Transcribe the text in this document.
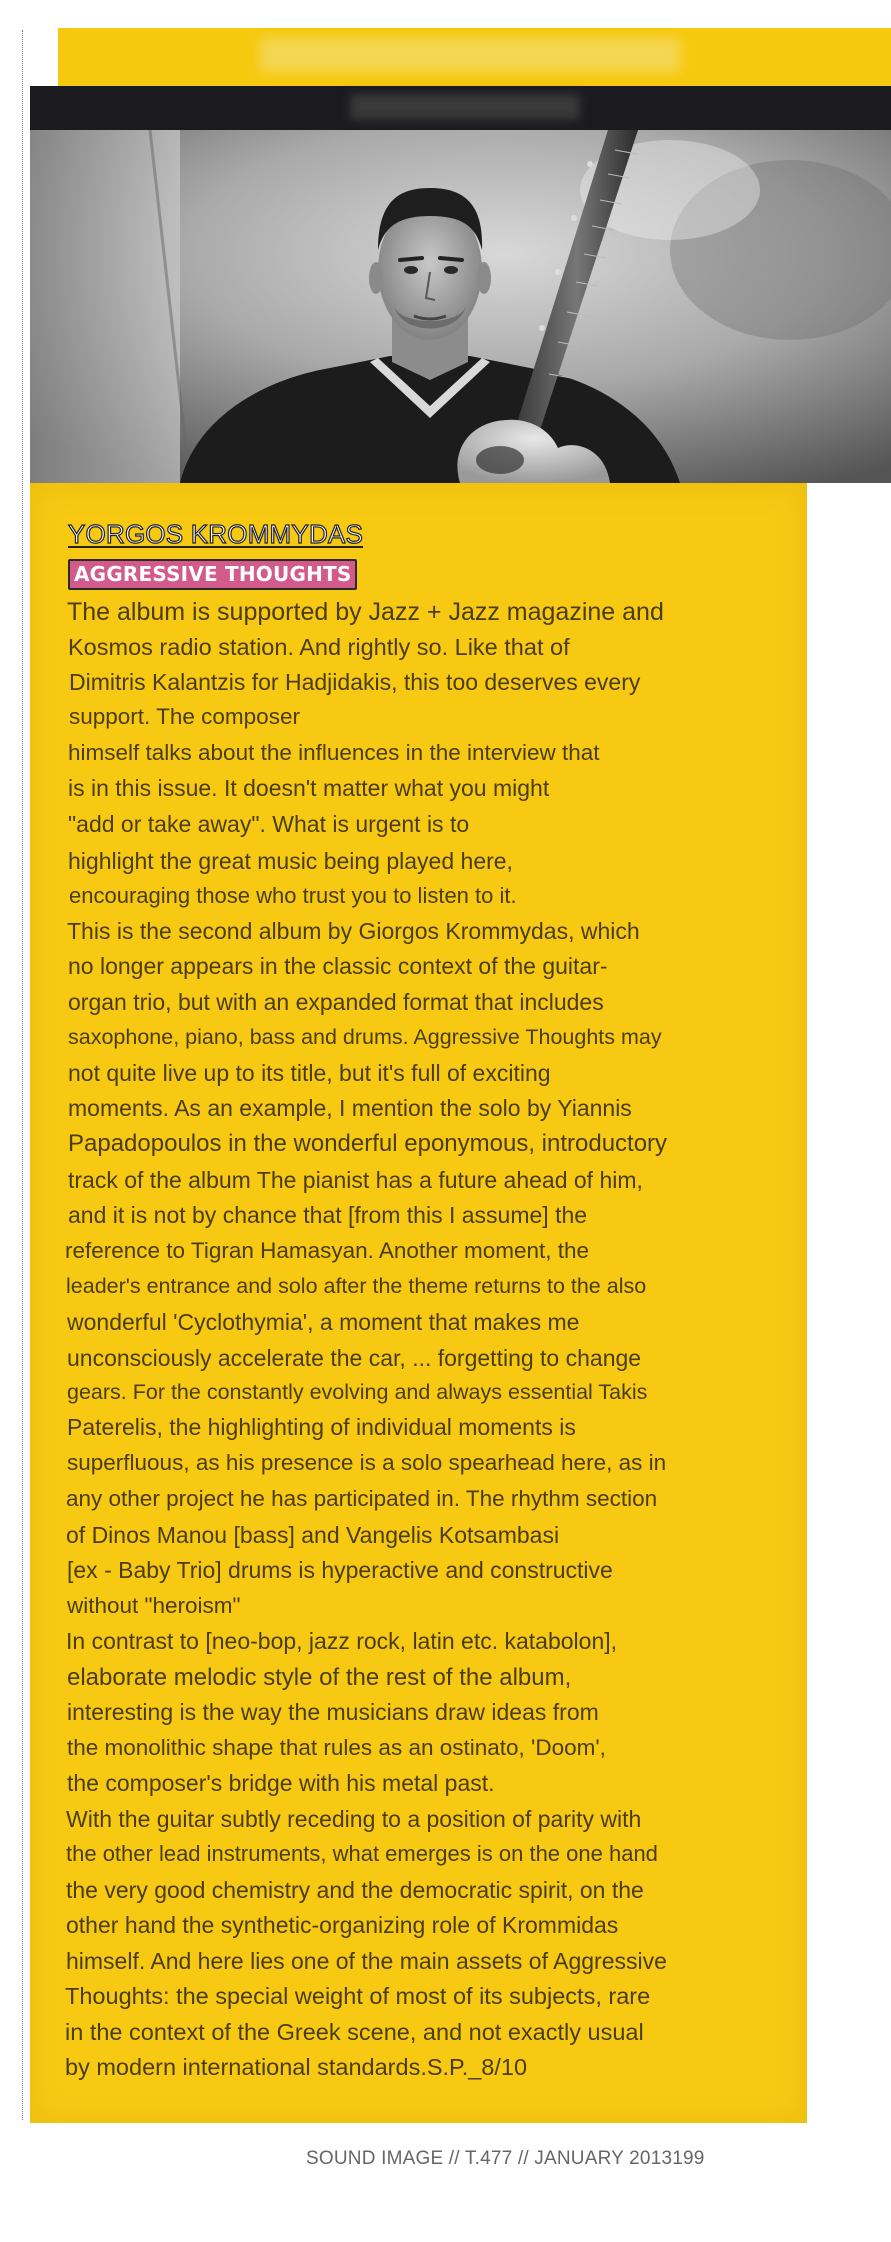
YORGOS KROMMYDAS
AGGRESSIVE THOUGHTS
The album is supported by Jazz + Jazz magazine and
Kosmos radio station. And rightly so. Like that of
Dimitris Kalantzis for Hadjidakis, this too deserves every
support. The composer
himself talks about the influences in the interview that
is in this issue. It doesn't matter what you might
"add or take away". What is urgent is to
highlight the great music being played here,
encouraging those who trust you to listen to it.
This is the second album by Giorgos Krommydas, which
no longer appears in the classic context of the guitar-
organ trio, but with an expanded format that includes
saxophone, piano, bass and drums. Aggressive Thoughts may
not quite live up to its title, but it's full of exciting
moments. As an example, I mention the solo by Yiannis
Papadopoulos in the wonderful eponymous, introductory
track of the album The pianist has a future ahead of him,
and it is not by chance that [from this I assume] the
reference to Tigran Hamasyan. Another moment, the
leader's entrance and solo after the theme returns to the also
wonderful 'Cyclothymia', a moment that makes me
unconsciously accelerate the car, ... forgetting to change
gears. For the constantly evolving and always essential Takis
Paterelis, the highlighting of individual moments is
superfluous, as his presence is a solo spearhead here, as in
any other project he has participated in. The rhythm section
of Dinos Manou [bass] and Vangelis Kotsambasi
[ex - Baby Trio] drums is hyperactive and constructive
without "heroism"
In contrast to [neo-bop, jazz rock, latin etc. katabolon],
elaborate melodic style of the rest of the album,
interesting is the way the musicians draw ideas from
the monolithic shape that rules as an ostinato, 'Doom',
the composer's bridge with his metal past.
With the guitar subtly receding to a position of parity with
the other lead instruments, what emerges is on the one hand
the very good chemistry and the democratic spirit, on the
other hand the synthetic-organizing role of Krommidas
himself. And here lies one of the main assets of Aggressive
Thoughts: the special weight of most of its subjects, rare
in the context of the Greek scene, and not exactly usual
by modern international standards.S.P._8/10
SOUND IMAGE // T.477 // JANUARY 2013199
